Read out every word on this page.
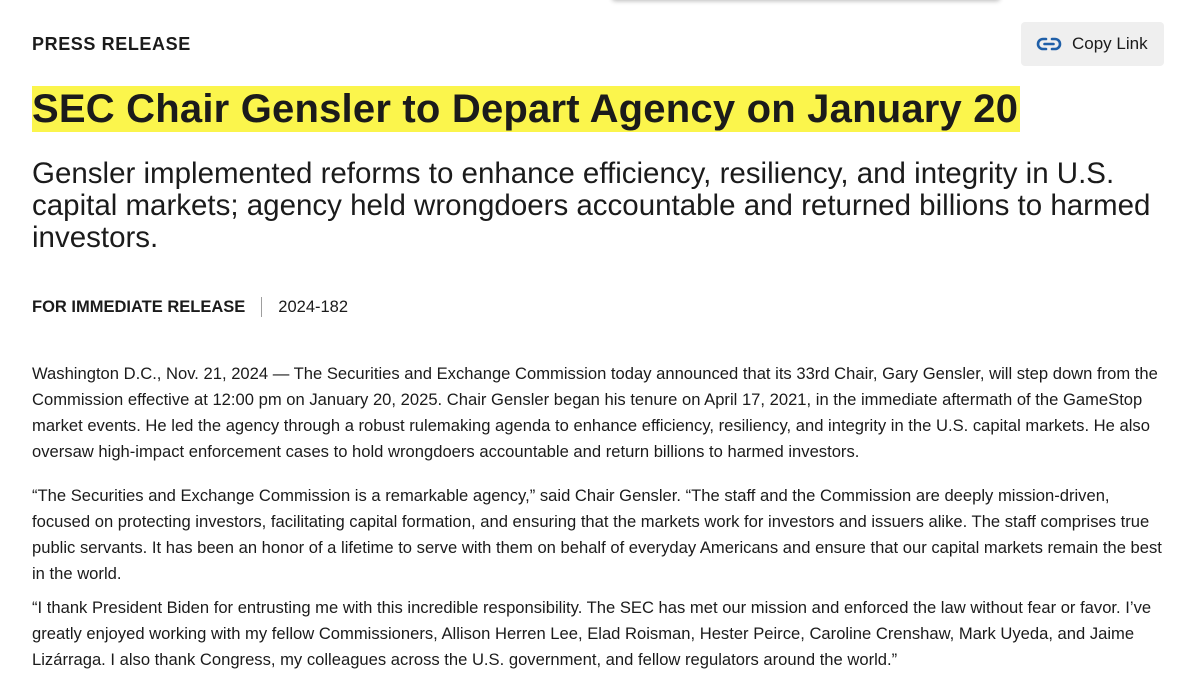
PRESS RELEASE	Copy Link
SEC Chair Gensler to Depart Agency on January 20
Gensler implemented reforms to enhance efficiency, resiliency, and integrity in U.S. capital markets; agency held wrongdoers accountable and returned billions to harmed investors.
FOR IMMEDIATE RELEASE 2024-182

Washington D.C., Nov. 21, 2024 — The Securities and Exchange Commission today announced that its 33rd Chair, Gary Gensler, will step down from the Commission effective at 12:00 pm on January 20, 2025. Chair Gensler began his tenure on April 17, 2021, in the immediate aftermath of the GameStop market events. He led the agency through a robust rulemaking agenda to enhance efficiency, resiliency, and integrity in the U.S. capital markets. He also oversaw high-impact enforcement cases to hold wrongdoers accountable and return billions to harmed investors.

“The Securities and Exchange Commission is a remarkable agency,” said Chair Gensler. “The staff and the Commission are deeply mission-driven, focused on protecting investors, facilitating capital formation, and ensuring that the markets work for investors and issuers alike. The staff comprises true public servants. It has been an honor of a lifetime to serve with them on behalf of everyday Americans and ensure that our capital markets remain the best in the world.

“I thank President Biden for entrusting me with this incredible responsibility. The SEC has met our mission and enforced the law without fear or favor. I’ve greatly enjoyed working with my fellow Commissioners, Allison Herren Lee, Elad Roisman, Hester Peirce, Caroline Crenshaw, Mark Uyeda, and Jaime Lizárraga. I also thank Congress, my colleagues across the U.S. government, and fellow regulators around the world.”
